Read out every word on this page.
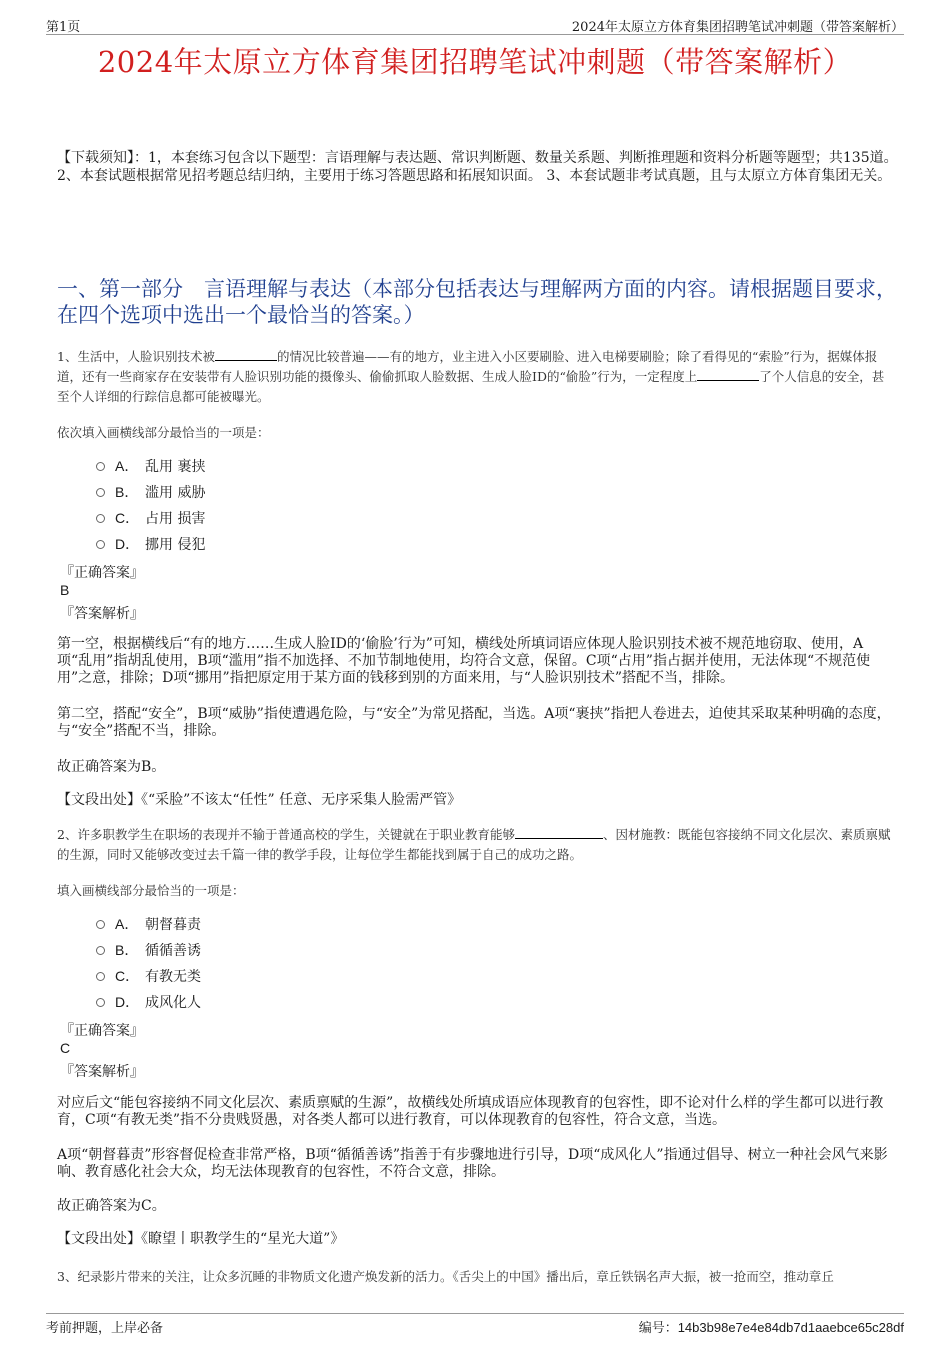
第1页	2024年太原立方体育集团招聘笔试冲刺题（带答案解析）
2024年太原立方体育集团招聘笔试冲刺题（带答案解析）

【下载须知】：1，本套练习包含以下题型：言语理解与表达题、常识判断题、数量关系题、判断推理题和资料分析题等题型；共135道。 2、本套试题根据常见招考题总结归纳，主要用于练习答题思路和拓展知识面。 3、本套试题非考试真题，且与太原立方体育集团无关。

一、第一部分　言语理解与表达（本部分包括表达与理解两方面的内容。请根据题目要求，在四个选项中选出一个最恰当的答案。）

1、生活中，人脸识别技术被	的情况比较普遍——有的地方，业主进入小区要刷脸、进入电梯要刷脸；除了看得见的“索脸”行为，据媒体报道，还有一些商家存在安装带有人脸识别功能的摄像头、偷偷抓取人脸数据、生成人脸ID的“偷脸”行为，一定程度上	了个人信息的安全，甚至个人详细的行踪信息都可能被曝光。

依次填入画横线部分最恰当的一项是：

A． 乱用 裹挟
B． 滥用 威胁
C． 占用 损害
D． 挪用 侵犯

『正确答案』

B

『答案解析』

第一空，根据横线后“有的地方……生成人脸ID的‘偷脸’行为”可知，横线处所填词语应体现人脸识别技术被不规范地窃取、使用，A项“乱用”指胡乱使用，B项“滥用”指不加选择、不加节制地使用，均符合文意，保留。C项“占用”指占据并使用，无法体现“不规范使用”之意，排除；D项“挪用”指把原定用于某方面的钱移到别的方面来用，与“人脸识别技术”搭配不当，排除。

第二空，搭配“安全”，B项“威胁”指使遭遇危险，与“安全”为常见搭配，当选。A项“裹挟”指把人卷进去，迫使其采取某种明确的态度，与“安全”搭配不当，排除。

故正确答案为B。

【文段出处】《“采脸”不该太“任性” 任意、无序采集人脸需严管》

2、许多职教学生在职场的表现并不输于普通高校的学生，关键就在于职业教育能够	、因材施教：既能包容接纳不同文化层次、素质禀赋的生源，同时又能够改变过去千篇一律的教学手段，让每位学生都能找到属于自己的成功之路。

填入画横线部分最恰当的一项是：

A． 朝督暮责
B． 循循善诱
C． 有教无类
D． 成风化人

『正确答案』

C

『答案解析』

对应后文“能包容接纳不同文化层次、素质禀赋的生源”，故横线处所填成语应体现教育的包容性，即不论对什么样的学生都可以进行教育，C项“有教无类”指不分贵贱贤愚，对各类人都可以进行教育，可以体现教育的包容性，符合文意，当选。

A项“朝督暮责”形容督促检查非常严格，B项“循循善诱”指善于有步骤地进行引导，D项“成风化人”指通过倡导、树立一种社会风气来影响、教育感化社会大众，均无法体现教育的包容性，不符合文意，排除。

故正确答案为C。

【文段出处】《瞭望丨职教学生的“星光大道”》

3、纪录影片带来的关注，让众多沉睡的非物质文化遗产焕发新的活力。《舌尖上的中国》播出后，章丘铁锅名声大振，被一抢而空，推动章丘

考前押题，上岸必备	编号：14b3b98e7e4e84db7d1aaebce65c28df
